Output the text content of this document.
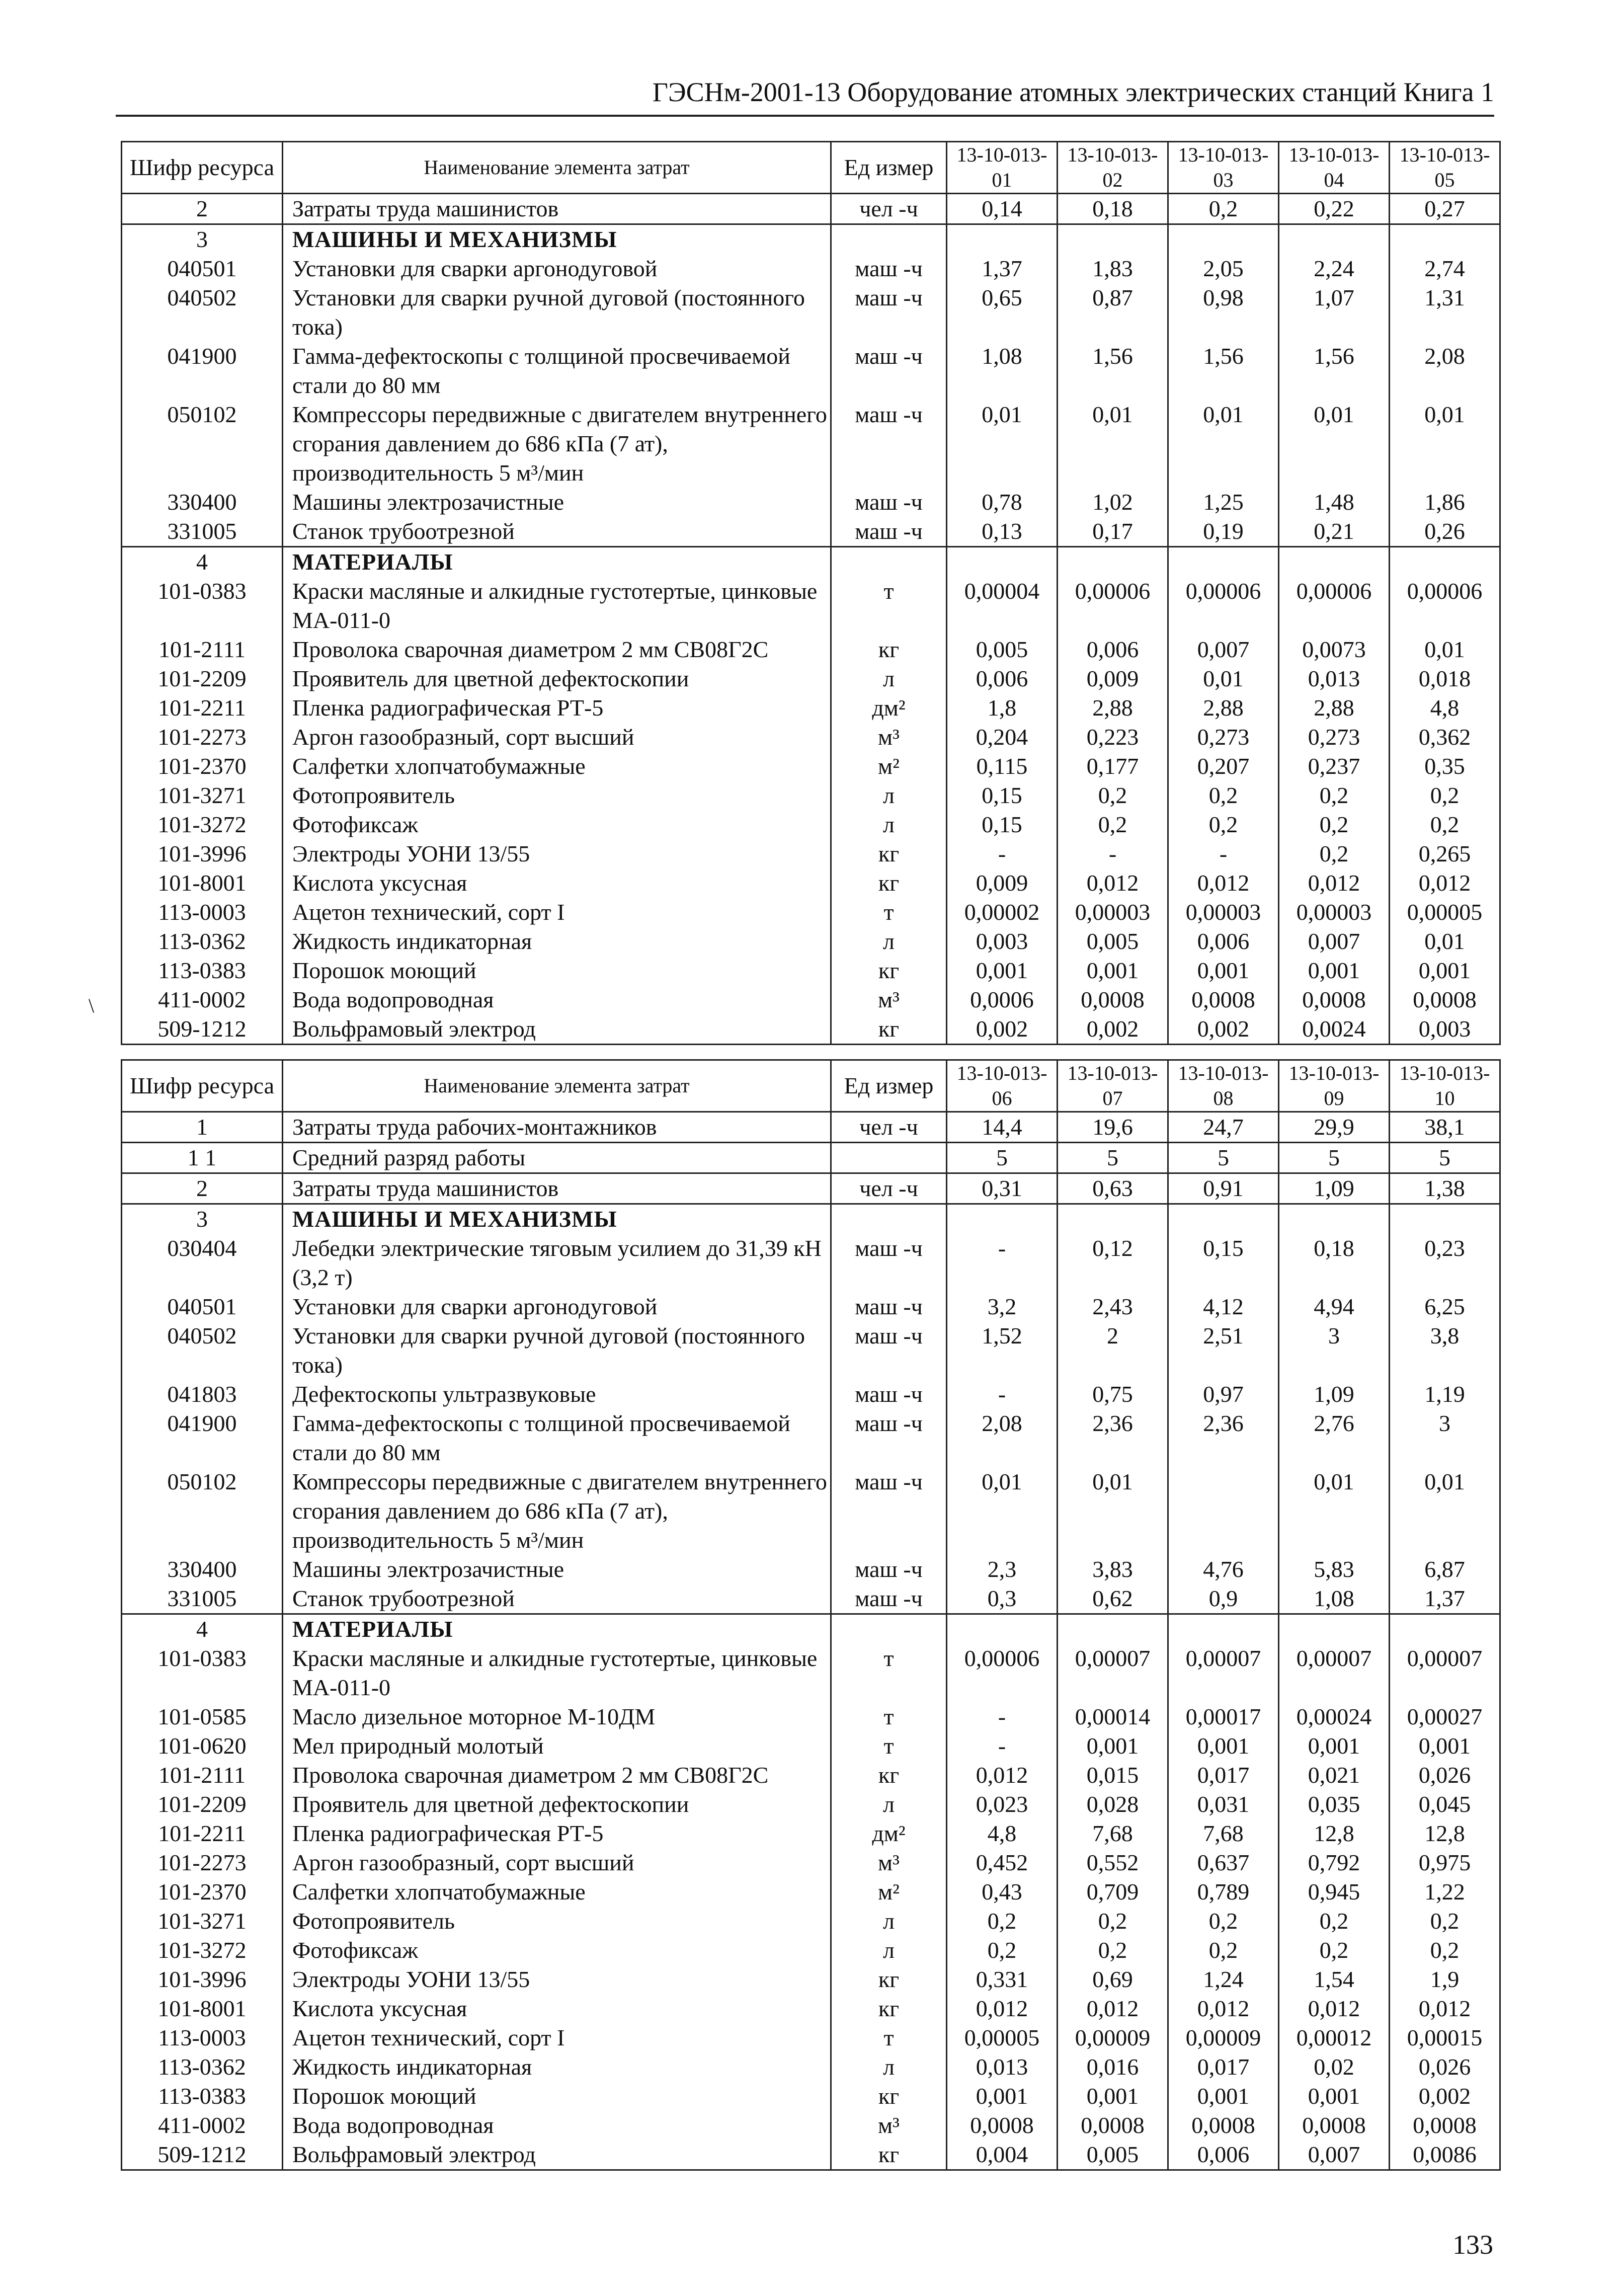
ГЭСНм-2001-13 Оборудование атомных электрических станций Книга 1
\
Шифр ресурса	Наименование элемента затрат	Ед измер	13-10-013-01	13-10-013-02	13-10-013-03	13-10-013-04	13-10-013-05
2	Затраты труда машинистов	чел -ч	0,14	0,18	0,2	0,22	0,27
3	МАШИНЫ И МЕХАНИЗМЫ						
040501	Установки для сварки аргонодуговой	маш -ч	1,37	1,83	2,05	2,24	2,74
040502	Установки для сварки ручной дуговой (постоянного тока)	маш -ч	0,65	0,87	0,98	1,07	1,31
041900	Гамма-дефектоскопы с толщиной просвечиваемой стали до 80 мм	маш -ч	1,08	1,56	1,56	1,56	2,08
050102	Компрессоры передвижные с двигателем внутреннего сгорания давлением до 686 кПа (7 ат), производительность 5 м³/мин	маш -ч	0,01	0,01	0,01	0,01	0,01
330400	Машины электрозачистные	маш -ч	0,78	1,02	1,25	1,48	1,86
331005	Станок трубоотрезной	маш -ч	0,13	0,17	0,19	0,21	0,26
4	МАТЕРИАЛЫ						
101-0383	Краски масляные и алкидные густотертые, цинковые МА-011-0	т	0,00004	0,00006	0,00006	0,00006	0,00006
101-2111	Проволока сварочная диаметром 2 мм СВ08Г2С	кг	0,005	0,006	0,007	0,0073	0,01
101-2209	Проявитель для цветной дефектоскопии	л	0,006	0,009	0,01	0,013	0,018
101-2211	Пленка радиографическая РТ-5	дм²	1,8	2,88	2,88	2,88	4,8
101-2273	Аргон газообразный, сорт высший	м³	0,204	0,223	0,273	0,273	0,362
101-2370	Салфетки хлопчатобумажные	м²	0,115	0,177	0,207	0,237	0,35
101-3271	Фотопроявитель	л	0,15	0,2	0,2	0,2	0,2
101-3272	Фотофиксаж	л	0,15	0,2	0,2	0,2	0,2
101-3996	Электроды УОНИ 13/55	кг	-	-	-	0,2	0,265
101-8001	Кислота уксусная	кг	0,009	0,012	0,012	0,012	0,012
113-0003	Ацетон технический, сорт I	т	0,00002	0,00003	0,00003	0,00003	0,00005
113-0362	Жидкость индикаторная	л	0,003	0,005	0,006	0,007	0,01
113-0383	Порошок моющий	кг	0,001	0,001	0,001	0,001	0,001
411-0002	Вода водопроводная	м³	0,0006	0,0008	0,0008	0,0008	0,0008
509-1212	Вольфрамовый электрод	кг	0,002	0,002	0,002	0,0024	0,003
Шифр ресурса	Наименование элемента затрат	Ед измер	13-10-013-06	13-10-013-07	13-10-013-08	13-10-013-09	13-10-013-10
1	Затраты труда рабочих-монтажников	чел -ч	14,4	19,6	24,7	29,9	38,1
1 1	Средний разряд работы		5	5	5	5	5
2	Затраты труда машинистов	чел -ч	0,31	0,63	0,91	1,09	1,38
3	МАШИНЫ И МЕХАНИЗМЫ						
030404	Лебедки электрические тяговым усилием до 31,39 кН (3,2 т)	маш -ч	-	0,12	0,15	0,18	0,23
040501	Установки для сварки аргонодуговой	маш -ч	3,2	2,43	4,12	4,94	6,25
040502	Установки для сварки ручной дуговой (постоянного тока)	маш -ч	1,52	2	2,51	3	3,8
041803	Дефектоскопы ультразвуковые	маш -ч	-	0,75	0,97	1,09	1,19
041900	Гамма-дефектоскопы с толщиной просвечиваемой стали до 80 мм	маш -ч	2,08	2,36	2,36	2,76	3
050102	Компрессоры передвижные с двигателем внутреннего сгорания давлением до 686 кПа (7 ат), производительность 5 м³/мин	маш -ч	0,01	0,01		0,01	0,01
330400	Машины электрозачистные	маш -ч	2,3	3,83	4,76	5,83	6,87
331005	Станок трубоотрезной	маш -ч	0,3	0,62	0,9	1,08	1,37
4	МАТЕРИАЛЫ						
101-0383	Краски масляные и алкидные густотертые, цинковые МА-011-0	т	0,00006	0,00007	0,00007	0,00007	0,00007
101-0585	Масло дизельное моторное М-10ДМ	т	-	0,00014	0,00017	0,00024	0,00027
101-0620	Мел природный молотый	т	-	0,001	0,001	0,001	0,001
101-2111	Проволока сварочная диаметром 2 мм СВ08Г2С	кг	0,012	0,015	0,017	0,021	0,026
101-2209	Проявитель для цветной дефектоскопии	л	0,023	0,028	0,031	0,035	0,045
101-2211	Пленка радиографическая РТ-5	дм²	4,8	7,68	7,68	12,8	12,8
101-2273	Аргон газообразный, сорт высший	м³	0,452	0,552	0,637	0,792	0,975
101-2370	Салфетки хлопчатобумажные	м²	0,43	0,709	0,789	0,945	1,22
101-3271	Фотопроявитель	л	0,2	0,2	0,2	0,2	0,2
101-3272	Фотофиксаж	л	0,2	0,2	0,2	0,2	0,2
101-3996	Электроды УОНИ 13/55	кг	0,331	0,69	1,24	1,54	1,9
101-8001	Кислота уксусная	кг	0,012	0,012	0,012	0,012	0,012
113-0003	Ацетон технический, сорт I	т	0,00005	0,00009	0,00009	0,00012	0,00015
113-0362	Жидкость индикаторная	л	0,013	0,016	0,017	0,02	0,026
113-0383	Порошок моющий	кг	0,001	0,001	0,001	0,001	0,002
411-0002	Вода водопроводная	м³	0,0008	0,0008	0,0008	0,0008	0,0008
509-1212	Вольфрамовый электрод	кг	0,004	0,005	0,006	0,007	0,0086
133
